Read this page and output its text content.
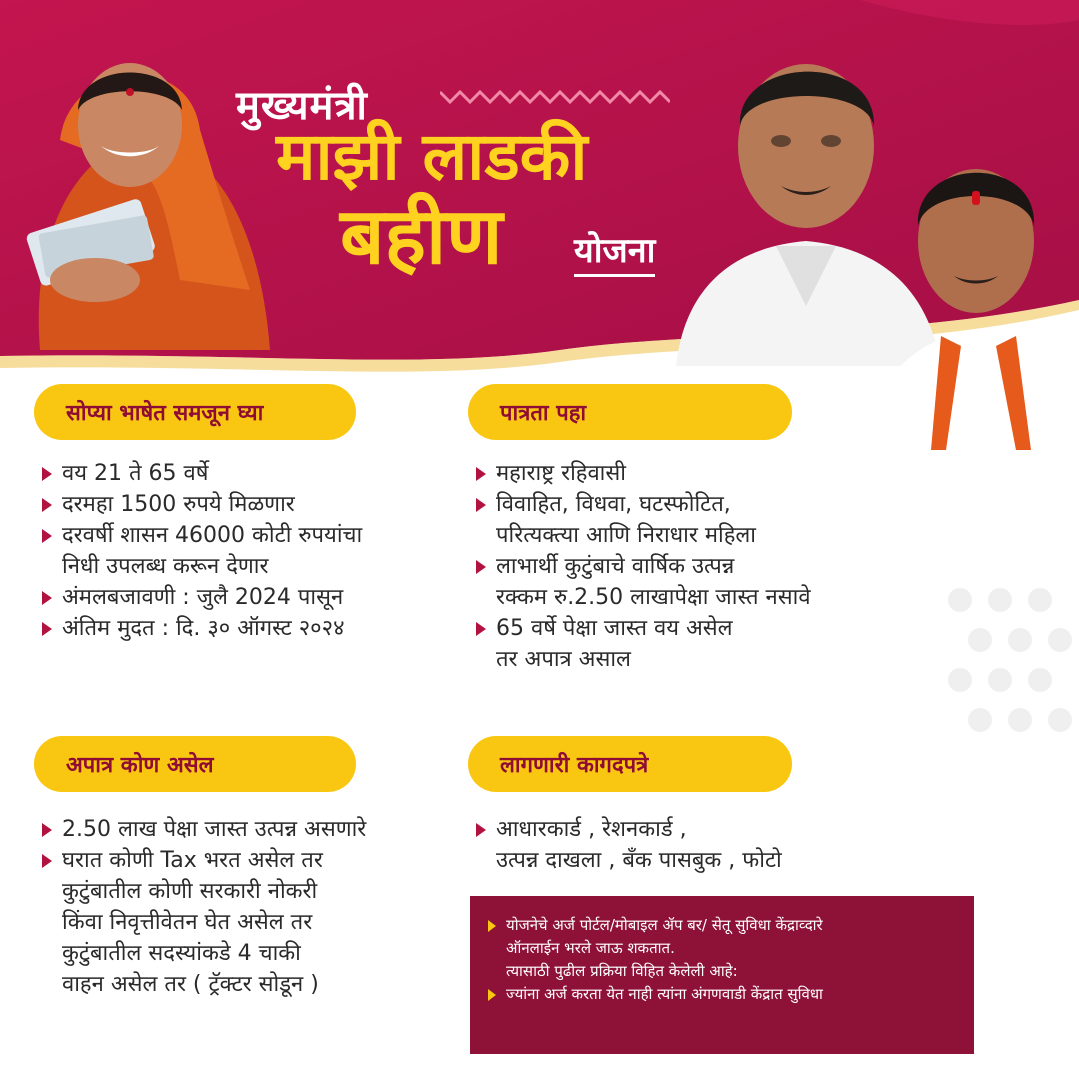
मुख्यमंत्री
माझी लाडकी
बहीण योजना
सोप्या भाषेत समजून घ्या	पात्रता पहा
अपात्र कोण असेल	लागणारी कागदपत्रे
वय 21 ते 65 वर्षे
दरमहा 1500 रुपये मिळणार
दरवर्षी शासन 46000 कोटी रुपयांचा
निधी उपलब्ध करून देणार
अंमलबजावणी : जुलै 2024 पासून
अंतिम मुदत : दि. ३० ऑगस्ट २०२४
महाराष्ट्र रहिवासी
विवाहित, विधवा, घटस्फोटित,
परित्यक्त्या आणि निराधार महिला
लाभार्थी कुटुंबाचे वार्षिक उत्पन्न
रक्कम रु.2.50 लाखापेक्षा जास्त नसावे
65 वर्षे पेक्षा जास्त वय असेल
तर अपात्र असाल
2.50 लाख पेक्षा जास्त उत्पन्न असणारे
घरात कोणी Tax भरत असेल तर
कुटुंबातील कोणी सरकारी नोकरी
किंवा निवृत्तीवेतन घेत असेल तर
कुटुंबातील सदस्यांकडे 4 चाकी
वाहन असेल तर ( ट्रॅक्टर सोडून )
आधारकार्ड , रेशनकार्ड ,
उत्पन्न दाखला , बँक पासबुक , फोटो
योजनेचे अर्ज पोर्टल/मोबाइल ॲप बर/ सेतू सुविधा केंद्राव्दारे
ऑनलाईन भरले जाऊ शकतात.
त्यासाठी पुढील प्रक्रिया विहित केलेली आहे:
ज्यांना अर्ज करता येत नाही त्यांना अंगणवाडी केंद्रात सुविधा
